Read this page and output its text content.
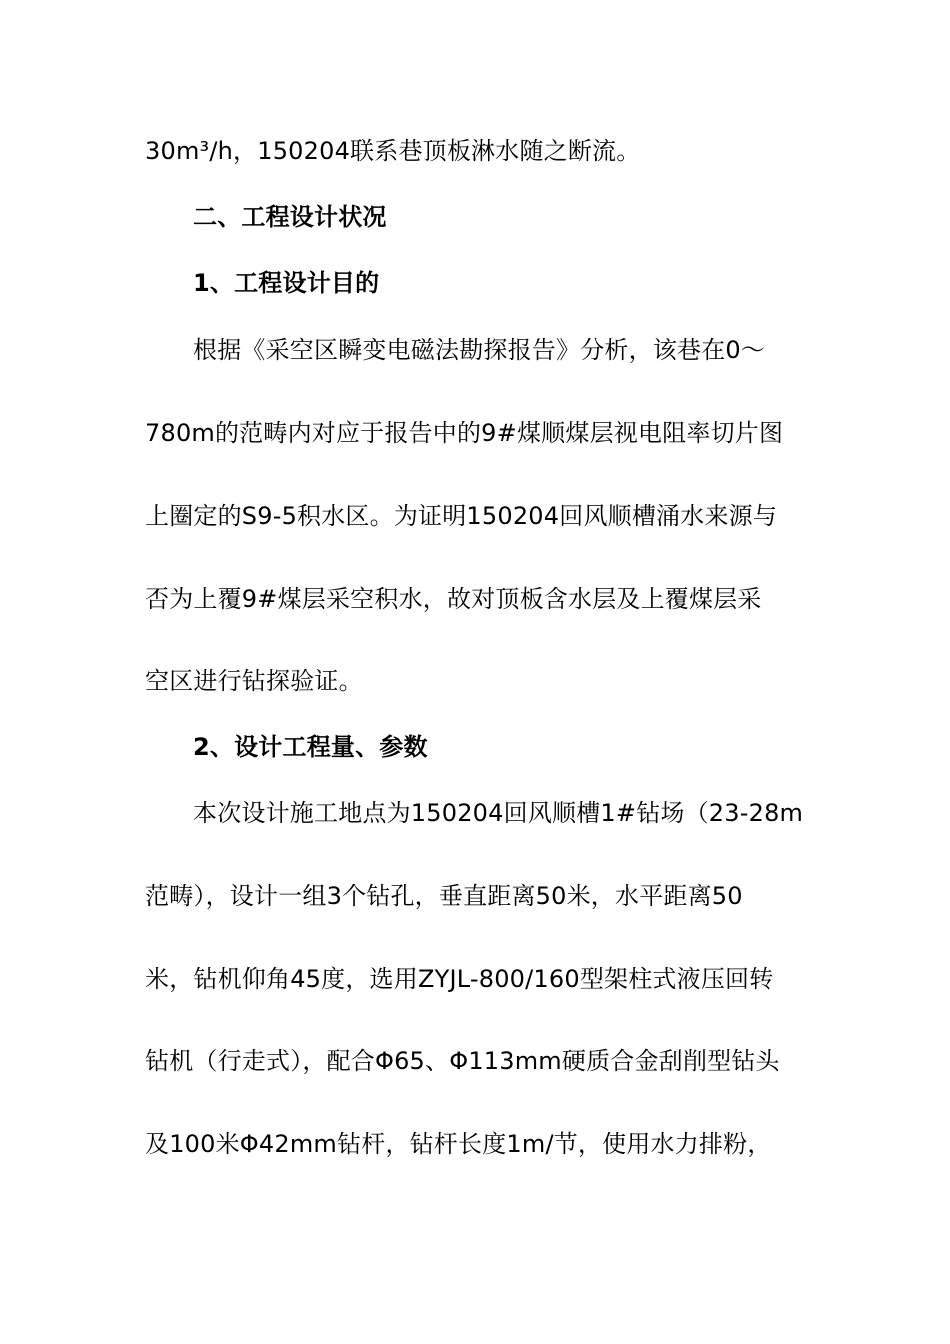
30m³/h，150204联系巷顶板淋水随之断流。
二、工程设计状况
1、工程设计目的
根据《采空区瞬变电磁法勘探报告》分析，该巷在0～
780m的范畴内对应于报告中的9#煤顺煤层视电阻率切片图
上圈定的S9-5积水区。为证明150204回风顺槽涌水来源与
否为上覆9#煤层采空积水，故对顶板含水层及上覆煤层采
空区进行钻探验证。
2、设计工程量、参数
本次设计施工地点为150204回风顺槽1#钻场（23-28m
范畴），设计一组3个钻孔，垂直距离50米，水平距离50
米，钻机仰角45度，选用ZYJL-800/160型架柱式液压回转
钻机（行走式），配合Φ65、Φ113mm硬质合金刮削型钻头
及100米Φ42mm钻杆，钻杆长度1m/节，使用水力排粉，
